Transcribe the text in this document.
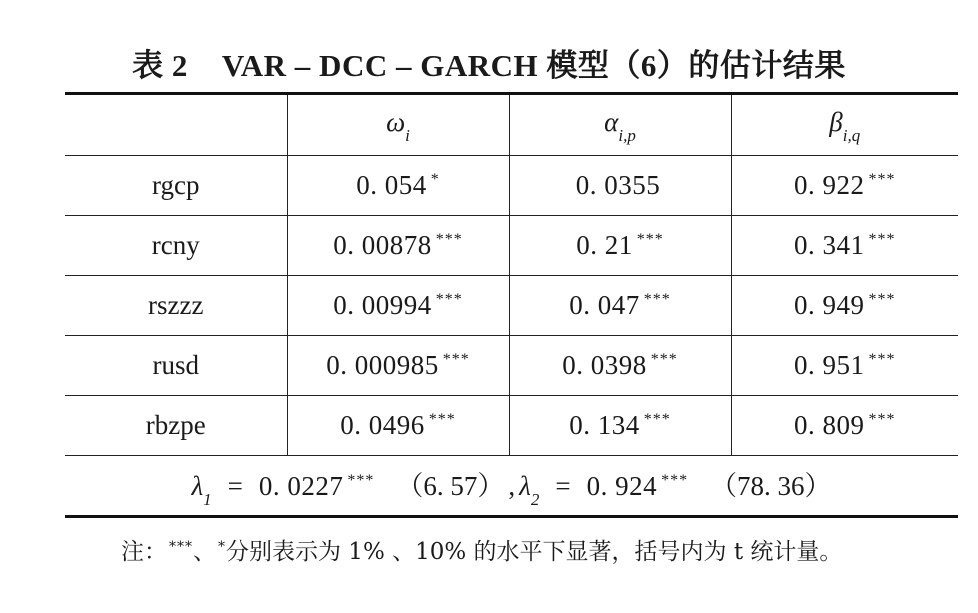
表 2 VAR – DCC – GARCH 模型（6）的估计结果
	$\omega_i$	$\alpha_{i,p}$	$\beta_{i,q}$
rgcp	0. 054 *	0. 0355	0. 922 ***
rcny	0. 00878 ***	0. 21 ***	0. 341 ***
rszzz	0. 00994 ***	0. 047 ***	0. 949 ***
rusd	0. 000985 ***	0. 0398 ***	0. 951 ***
rbzpe	0. 0496 ***	0. 134 ***	0. 809 ***
$\lambda_1 = 0$. 0227 *** （6. 57） , $\lambda_2 = 0$. 924 *** （78. 36）			
注： ***、 *分别表示为 1% 、10% 的水平下显著，括号内为 t 统计量。
